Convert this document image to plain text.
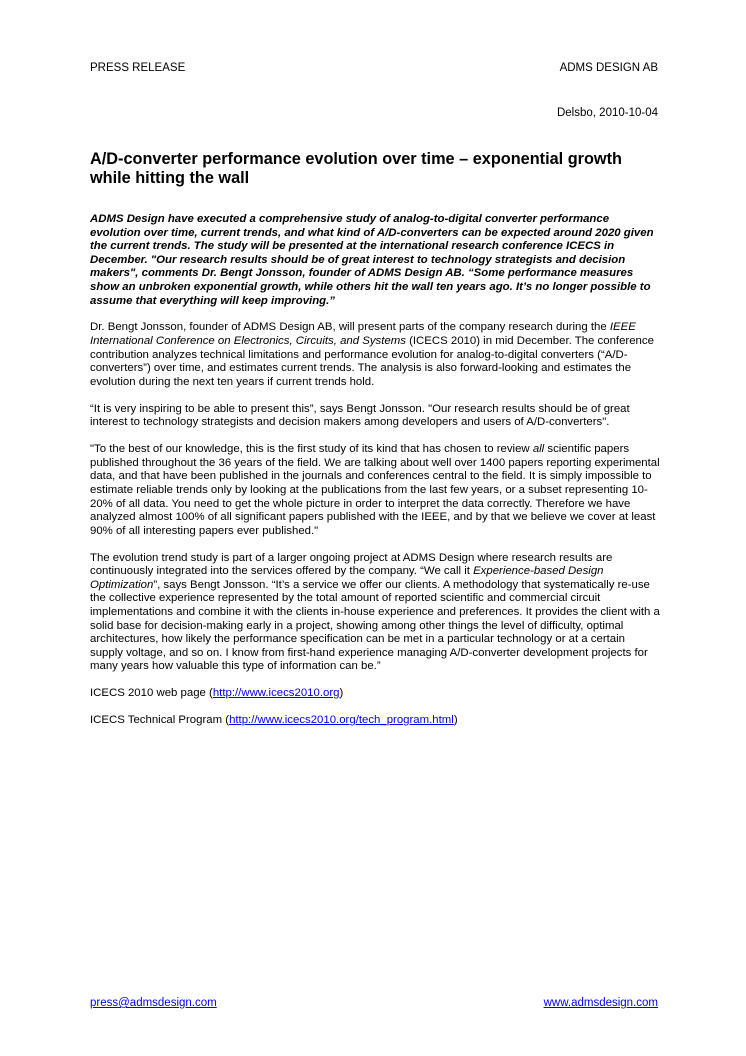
PRESS RELEASE	ADMS DESIGN AB
Delsbo, 2010-10-04
A/D-converter performance evolution over time – exponential growth while hitting the wall

ADMS Design have executed a comprehensive study of analog-to-digital converter performance evolution over time, current trends, and what kind of A/D-converters can be expected around 2020 given the current trends. The study will be presented at the international research conference ICECS in December. "Our research results should be of great interest to technology strategists and decision makers", comments Dr. Bengt Jonsson, founder of ADMS Design AB. “Some performance measures show an unbroken exponential growth, while others hit the wall ten years ago. It’s no longer possible to assume that everything will keep improving.”

Dr. Bengt Jonsson, founder of ADMS Design AB, will present parts of the company research during the IEEE International Conference on Electronics, Circuits, and Systems (ICECS 2010) in mid December. The conference contribution analyzes technical limitations and performance evolution for analog-to-digital converters (“A/D-converters”) over time, and estimates current trends. The analysis is also forward-looking and estimates the evolution during the next ten years if current trends hold.

“It is very inspiring to be able to present this”, says Bengt Jonsson. "Our research results should be of great interest to technology strategists and decision makers among developers and users of A/D-converters".

"To the best of our knowledge, this is the first study of its kind that has chosen to review all scientific papers published throughout the 36 years of the field. We are talking about well over 1400 papers reporting experimental data, and that have been published in the journals and conferences central to the field. It is simply impossible to estimate reliable trends only by looking at the publications from the last few years, or a subset representing 10-20% of all data. You need to get the whole picture in order to interpret the data correctly. Therefore we have analyzed almost 100% of all significant papers published with the IEEE, and by that we believe we cover at least 90% of all interesting papers ever published."

The evolution trend study is part of a larger ongoing project at ADMS Design where research results are continuously integrated into the services offered by the company. “We call it Experience-based Design Optimization”, says Bengt Jonsson. “It’s a service we offer our clients. A methodology that systematically re-use the collective experience represented by the total amount of reported scientific and commercial circuit implementations and combine it with the clients in-house experience and preferences. It provides the client with a solid base for decision-making early in a project, showing among other things the level of difficulty, optimal architectures, how likely the performance specification can be met in a particular technology or at a certain supply voltage, and so on. I know from first-hand experience managing A/D-converter development projects for many years how valuable this type of information can be.”

ICECS 2010 web page (http://www.icecs2010.org)

ICECS Technical Program (http://www.icecs2010.org/tech_program.html)

press@admsdesign.com	www.admsdesign.com
